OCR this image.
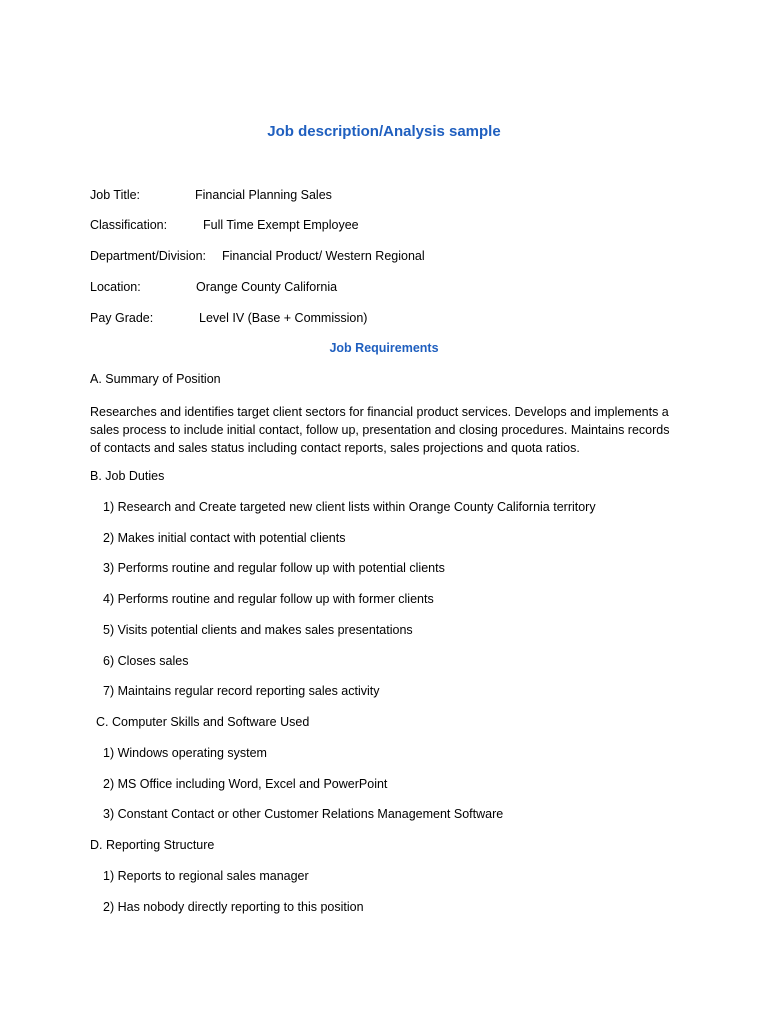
Job description/Analysis sample

Job Title:	Financial Planning Sales

Classification:	Full Time Exempt Employee

Department/Division: Financial Product/ Western Regional

Location:	Orange County California

Pay Grade:	Level IV (Base + Commission)

Job Requirements

A. Summary of Position

Researches and identifies target client sectors for financial product services. Develops and implements a
sales process to include initial contact, follow up, presentation and closing procedures. Maintains records
of contacts and sales status including contact reports, sales projections and quota ratios.

B. Job Duties

1) Research and Create targeted new client lists within Orange County California territory

2) Makes initial contact with potential clients

3) Performs routine and regular follow up with potential clients

4) Performs routine and regular follow up with former clients

5) Visits potential clients and makes sales presentations

6) Closes sales

7) Maintains regular record reporting sales activity

C. Computer Skills and Software Used

1) Windows operating system

2) MS Office including Word, Excel and PowerPoint

3) Constant Contact or other Customer Relations Management Software

D. Reporting Structure

1) Reports to regional sales manager

2) Has nobody directly reporting to this position
